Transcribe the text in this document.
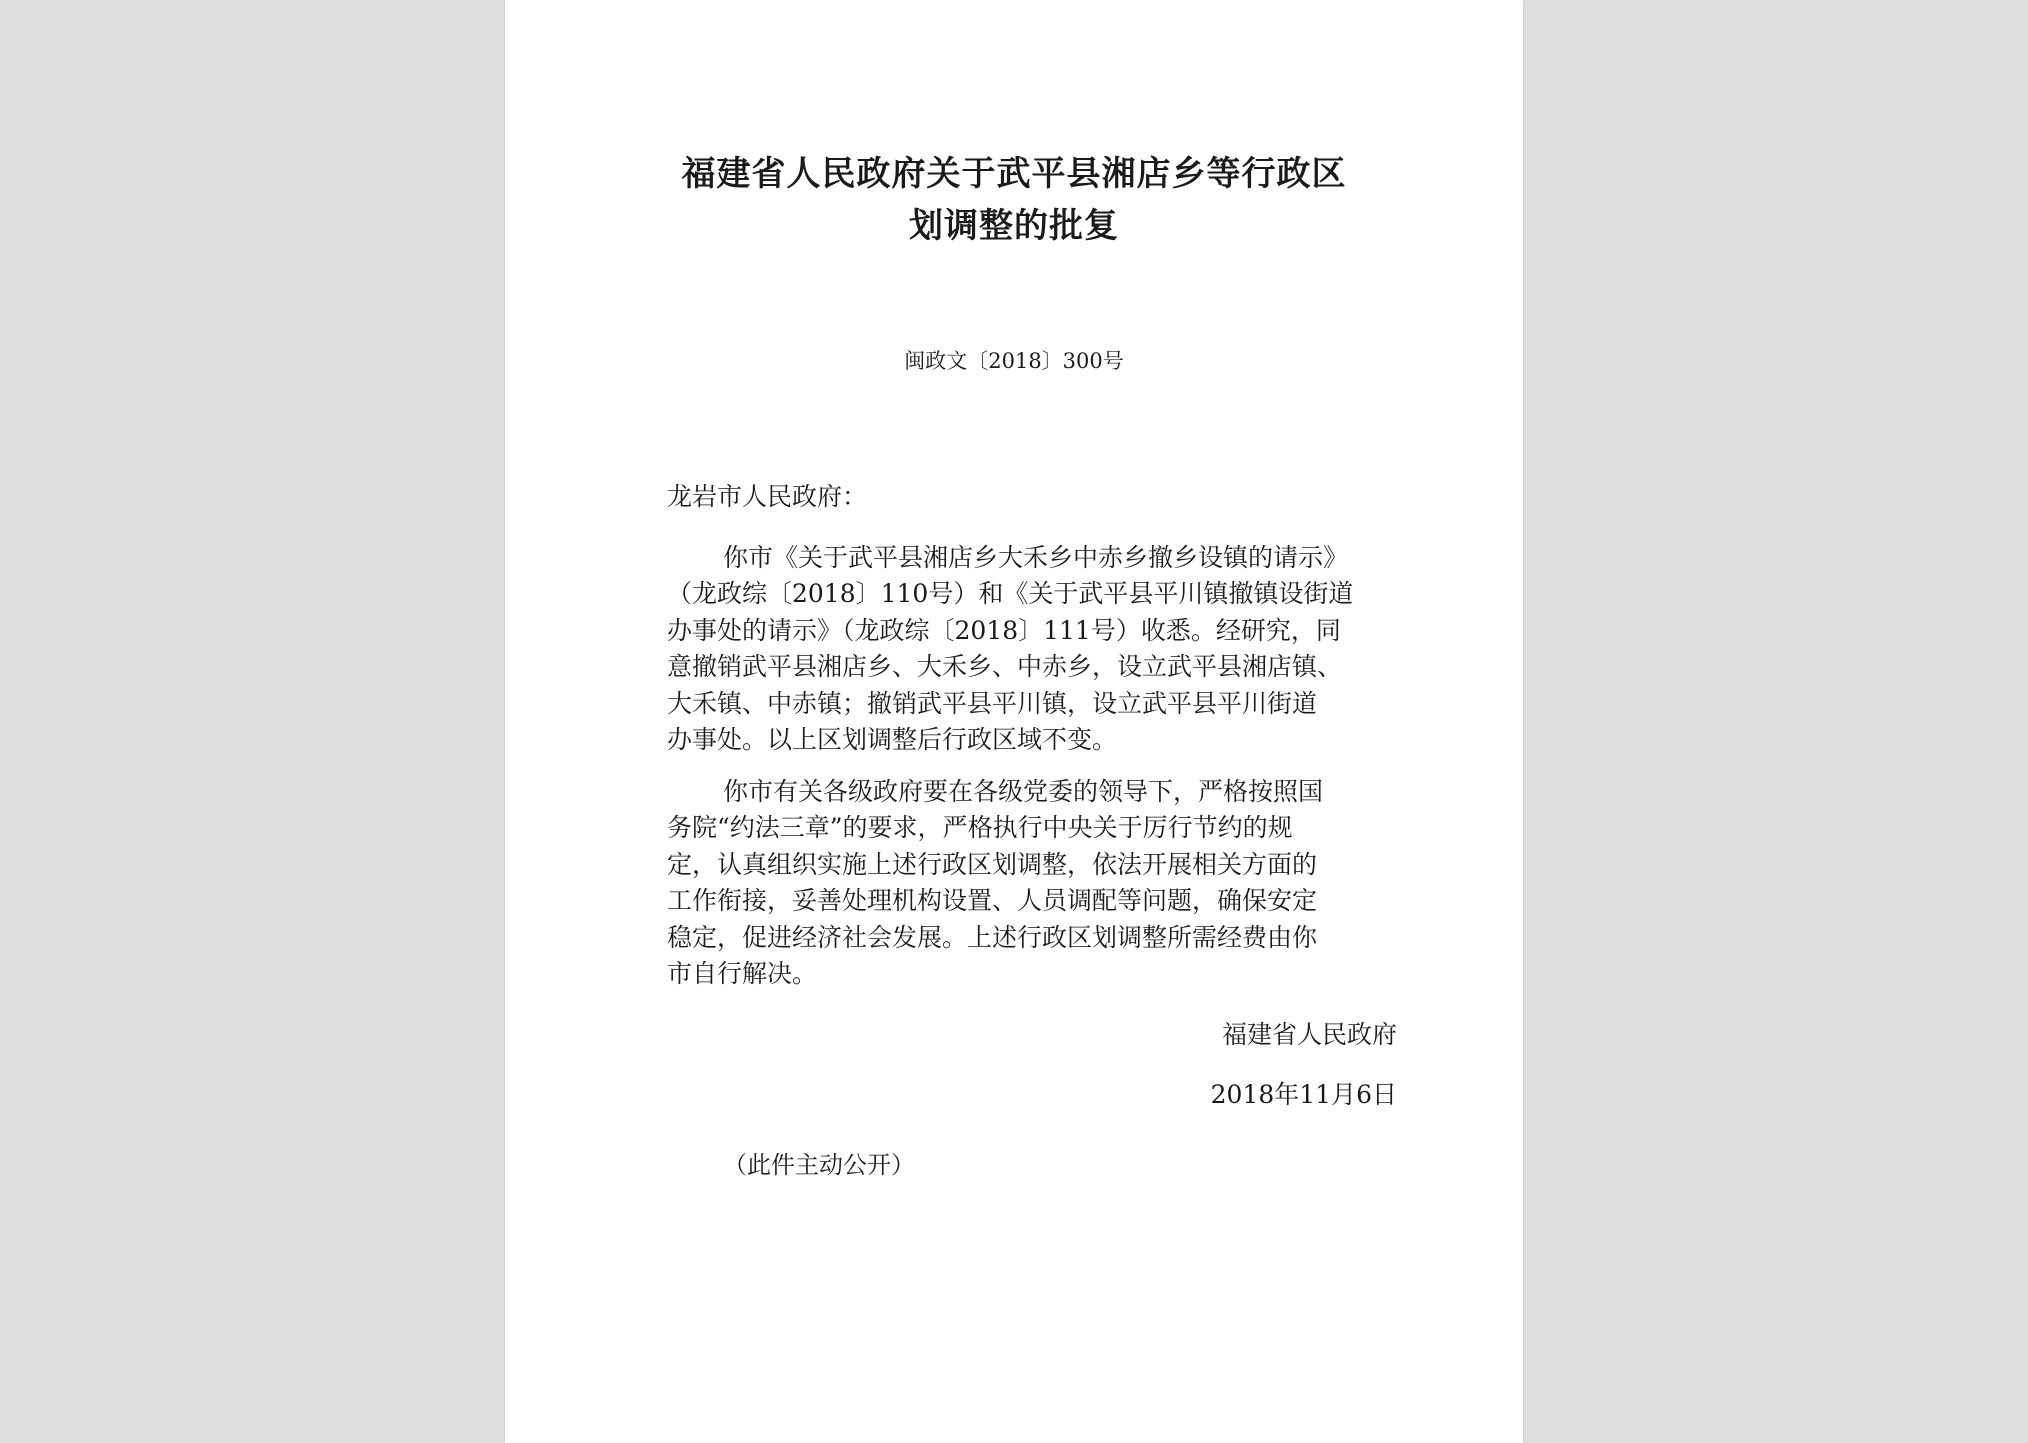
福建省人民政府关于武平县湘店乡等行政区
划调整的批复
闽政文〔2018〕300号
龙岩市人民政府：
你市《关于武平县湘店乡大禾乡中赤乡撤乡设镇的请示》
（龙政综〔2018〕110号）和《关于武平县平川镇撤镇设街道
办事处的请示》（龙政综〔2018〕111号）收悉。经研究，同
意撤销武平县湘店乡、大禾乡、中赤乡，设立武平县湘店镇、
大禾镇、中赤镇；撤销武平县平川镇，设立武平县平川街道
办事处。以上区划调整后行政区域不变。
你市有关各级政府要在各级党委的领导下，严格按照国
务院“约法三章”的要求，严格执行中央关于厉行节约的规
定，认真组织实施上述行政区划调整，依法开展相关方面的
工作衔接，妥善处理机构设置、人员调配等问题，确保安定
稳定，促进经济社会发展。上述行政区划调整所需经费由你
市自行解决。
福建省人民政府
2018年11月6日
（此件主动公开）
